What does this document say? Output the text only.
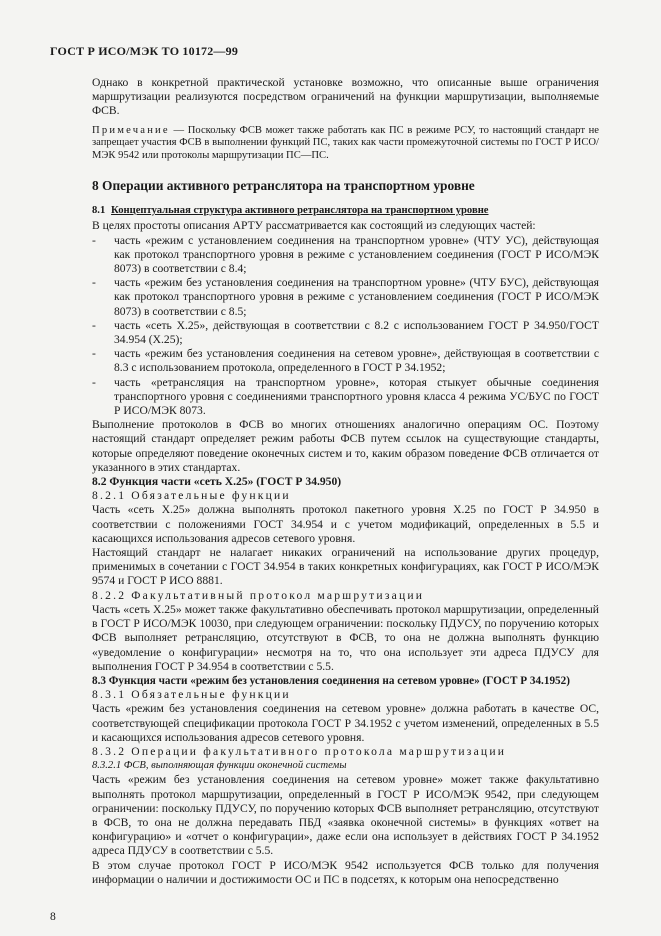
ГОСТ Р ИСО/МЭК ТО 10172—99

Однако в конкретной практической установке возможно, что описанные выше ограничения маршрутизации реализуются посредством ограничений на функции маршрутизации, выполняемые ФСВ.

Примечание — Поскольку ФСВ может также работать как ПС в режиме РСУ, то настоящий стандарт не запрещает участия ФСВ в выполнении функций ПС, таких как части промежуточной системы по ГОСТ Р ИСО/МЭК 9542 или протоколы маршрутизации ПС—ПС.

8 Операции активного ретранслятора на транспортном уровне

8.1 Концептуальная структура активного ретранслятора на транспортном уровне

В целях простоты описания АРТУ рассматривается как состоящий из следующих частей:

- часть «режим с установлением соединения на транспортном уровне» (ЧТУ УС), действующая как протокол транспортного уровня в режиме с установлением соединения (ГОСТ Р ИСО/МЭК 8073) в соответствии с 8.4;

- часть «режим без установления соединения на транспортном уровне» (ЧТУ БУС), действующая как протокол транспортного уровня в режиме с установлением соединения (ГОСТ Р ИСО/МЭК 8073) в соответствии с 8.5;

- часть «сеть X.25», действующая в соответствии с 8.2 с использованием ГОСТ Р 34.950/ГОСТ 34.954 (X.25);

- часть «режим без установления соединения на сетевом уровне», действующая в соответствии с 8.3 с использованием протокола, определенного в ГОСТ Р 34.1952;

- часть «ретрансляция на транспортном уровне», которая стыкует обычные соединения транспортного уровня с соединениями транспортного уровня класса 4 режима УС/БУС по ГОСТ Р ИСО/МЭК 8073.

Выполнение протоколов в ФСВ во многих отношениях аналогично операциям ОС. Поэтому настоящий стандарт определяет режим работы ФСВ путем ссылок на существующие стандарты, которые определяют поведение оконечных систем и то, каким образом поведение ФСВ отличается от указанного в этих стандартах.

8.2 Функция части «сеть X.25» (ГОСТ Р 34.950)

8.2.1 Обязательные функции

Часть «сеть X.25» должна выполнять протокол пакетного уровня X.25 по ГОСТ Р 34.950 в соответствии с положениями ГОСТ 34.954 и с учетом модификаций, определенных в 5.5 и касающихся использования адресов сетевого уровня.

Настоящий стандарт не налагает никаких ограничений на использование других процедур, применимых в сочетании с ГОСТ 34.954 в таких конкретных конфигурациях, как ГОСТ Р ИСО/МЭК 9574 и ГОСТ Р ИСО 8881.

8.2.2 Факультативный протокол маршрутизации

Часть «сеть X.25» может также факультативно обеспечивать протокол маршрутизации, определенный в ГОСТ Р ИСО/МЭК 10030, при следующем ограничении: поскольку ПДУСУ, по поручению которых ФСВ выполняет ретрансляцию, отсутствуют в ФСВ, то она не должна выполнять функцию «уведомление о конфигурации» несмотря на то, что она использует эти адреса ПДУСУ для выполнения ГОСТ Р 34.954 в соответствии с 5.5.

8.3 Функция части «режим без установления соединения на сетевом уровне» (ГОСТ Р 34.1952)

8.3.1 Обязательные функции

Часть «режим без установления соединения на сетевом уровне» должна работать в качестве ОС, соответствующей спецификации протокола ГОСТ Р 34.1952 с учетом изменений, определенных в 5.5 и касающихся использования адресов сетевого уровня.

8.3.2 Операции факультативного протокола маршрутизации

8.3.2.1 ФСВ, выполняющая функции оконечной системы

Часть «режим без установления соединения на сетевом уровне» может также факультативно выполнять протокол маршрутизации, определенный в ГОСТ Р ИСО/МЭК 9542, при следующем ограничении: поскольку ПДУСУ, по поручению которых ФСВ выполняет ретрансляцию, отсутствуют в ФСВ, то она не должна передавать ПБД «заявка оконечной системы» в функциях «ответ на конфигурацию» и «отчет о конфигурации», даже если она использует в действиях ГОСТ Р 34.1952 адреса ПДУСУ в соответствии с 5.5.

В этом случае протокол ГОСТ Р ИСО/МЭК 9542 используется ФСВ только для получения информации о наличии и достижимости ОС и ПС в подсетях, к которым она непосредственно

8
